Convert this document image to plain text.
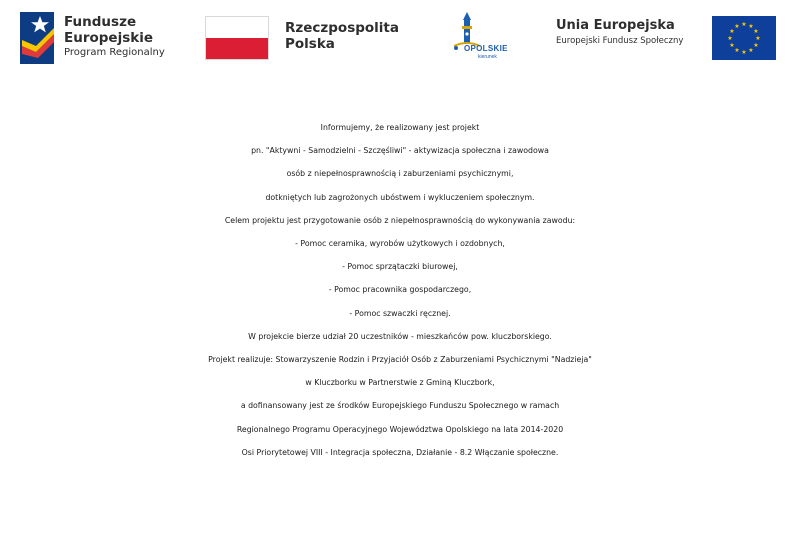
Fundusze
Europejskie
Program Regionalny
Rzeczpospolita
Polska	OPOLSKIE
kierunek
Unia Europejska
Europejski Fundusz Społeczny
★ ★
★
★
★
★
★
★
★
★
★
★

Informujemy, że realizowany jest projekt

pn. "Aktywni - Samodzielni - Szczęśliwi" - aktywizacja społeczna i zawodowa

osób z niepełnosprawnością i zaburzeniami psychicznymi,

dotkniętych lub zagrożonych ubóstwem i wykluczeniem społecznym.

Celem projektu jest przygotowanie osób z niepełnosprawnością do wykonywania zawodu:

- Pomoc ceramika, wyrobów użytkowych i ozdobnych,

- Pomoc sprzątaczki biurowej,

- Pomoc pracownika gospodarczego,

- Pomoc szwaczki ręcznej.

W projekcie bierze udział 20 uczestników - mieszkańców pow. kluczborskiego.

Projekt realizuje: Stowarzyszenie Rodzin i Przyjaciół Osób z Zaburzeniami Psychicznymi "Nadzieja"

w Kluczborku w Partnerstwie z Gminą Kluczbork,

a dofinansowany jest ze środków Europejskiego Funduszu Społecznego w ramach

Regionalnego Programu Operacyjnego Województwa Opolskiego na lata 2014-2020

Osi Priorytetowej VIII - Integracja społeczna, Działanie - 8.2 Włączanie społeczne.
